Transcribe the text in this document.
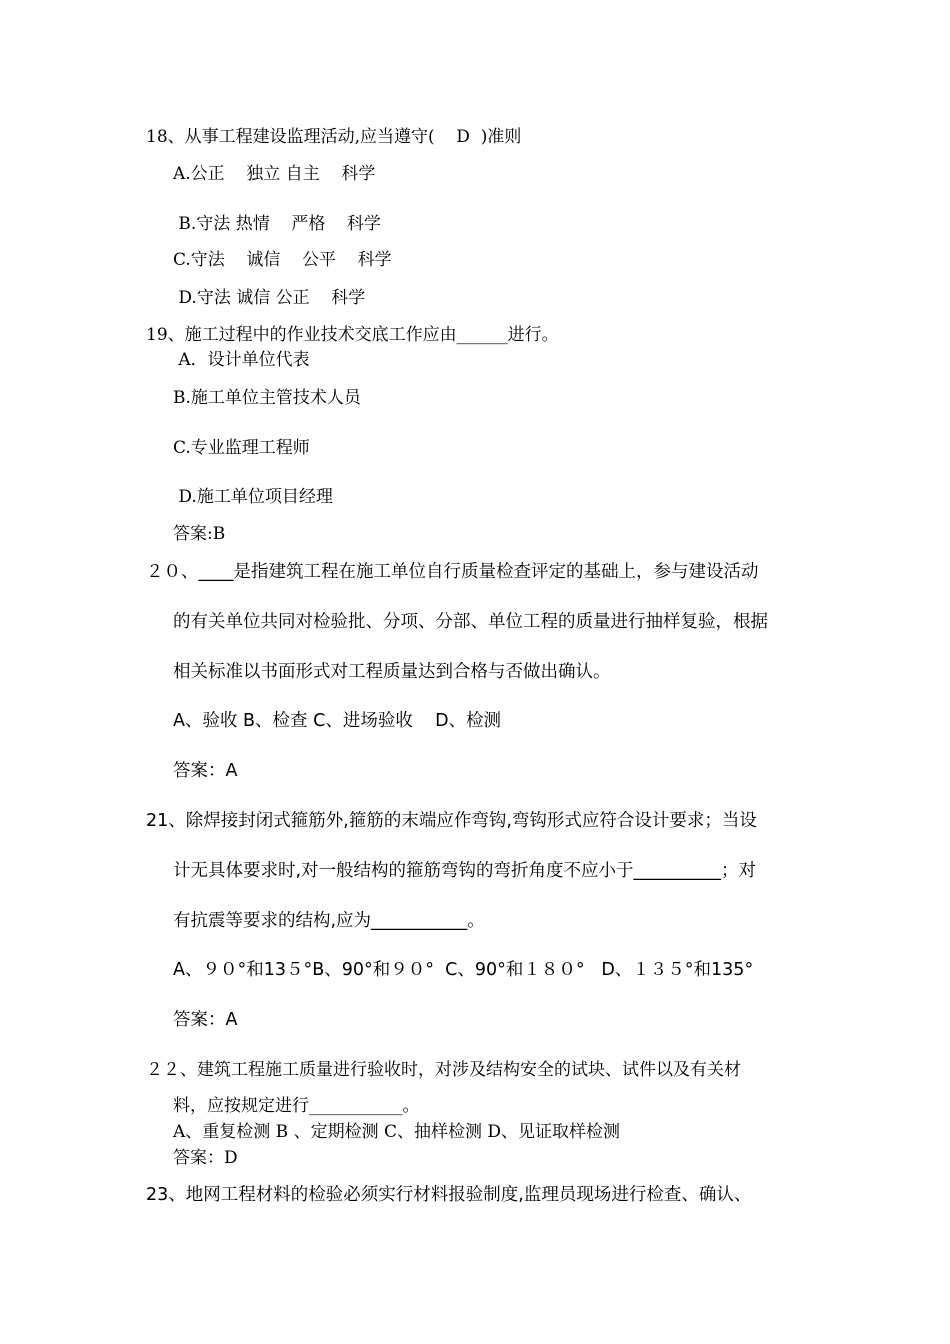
18、从事工程建设监理活动,应当遵守(    D  )准则
A.公正    独立 自主    科学
B.守法 热情    严格    科学
C.守法    诚信    公平    科学
D.守法 诚信 公正    科学
19、施工过程中的作业技术交底工作应由______进行。
A．设计单位代表
B.施工单位主管技术人员
C.专业监理工程师
D.施工单位项目经理
答案:B
２０、____是指建筑工程在施工单位自行质量检查评定的基础上，参与建设活动
的有关单位共同对检验批、分项、分部、单位工程的质量进行抽样复验，根据
相关标准以书面形式对工程质量达到合格与否做出确认。
A、验收 B、检查 C、进场验收    D、检测
答案：A
21、除焊接封闭式箍筋外,箍筋的末端应作弯钩,弯钩形式应符合设计要求；当设
计无具体要求时,对一般结构的箍筋弯钩的弯折角度不应小于__________；对
有抗震等要求的结构,应为___________。
A、９０°和13５°B、90°和９０°  C、90°和１８０°   D、１３５°和135°
答案：A
２２、建筑工程施工质量进行验收时，对涉及结构安全的试块、试件以及有关材
料，应按规定进行___________。
A、重复检测 B 、定期检测 C、抽样检测 D、见证取样检测
答案：D
23、地网工程材料的检验必须实行材料报验制度,监理员现场进行检查、确认、
